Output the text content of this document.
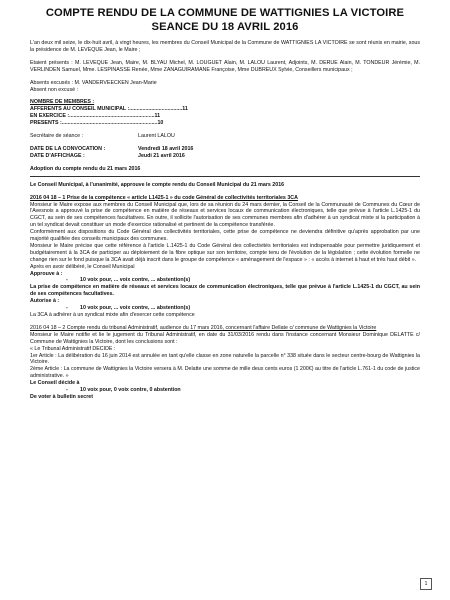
COMPTE RENDU DE LA COMMUNE DE WATTIGNIES LA VICTOIRE
SEANCE DU 18 AVRIL 2016

L'an deux mil seize, le dix-huit avril, à vingt heures, les membres du Conseil Municipal de la Commune de WATTIGNIES LA VICTOIRE se sont réunis en mairie, sous la présidence de M. LEVEQUE Jean, le Maire ;

Etaient présents : M. LEVEQUE Jean, Maire, M. BLYAU Michel, M. LOUGUET Alain, M. LALOU Laurent, Adjoints, M. DERUE Alain, M. TONDEUR Jérémie, M. VERLINDEN Samuel, Mme. LESPINASSE Renée, Mme ZANAGUIRAMANE Françoise, Mme DUBREUX Sylvie, Conseillers municipaux ;

Absents excusés : M. VANDERVEECKEN Jean-Marie

Absent non excusé :

NOMBRE DE MEMBRES :

AFFERENTS AU CONSEIL MUNICIPAL : .................................... 11
EN EXERCICE : .......................................................... 11
PRESENTS : ................................................................. 10
Secrétaire de séance :	Laurent LALOU
DATE DE LA CONVOCATION :	Vendredi 18 avril 2016
DATE D'AFFICHAGE :	Jeudi 21 avril 2016

Adoption du compte rendu du 21 mars 2016

Le Conseil Municipal, à l'unanimité, approuve le compte rendu du Conseil Municipal du 21 mars 2016

2016 04 18 – 1 Prise de la compétence « article L1425-1 » du code Général de collectivités territoriales 3CA

Monsieur le Maire expose aux membres du Conseil Municipal que, lors de sa réunion du 24 mars dernier, la Conseil de la Communauté de Communes du Cœur de l'Avesnois a approuvé la prise de compétence en matière de réseaux et services locaux de communication électroniques, telle que prévue à l'article L.1425-1 du CGCT, au sein de ses compétences facultatives. En outre, il sollicite l'autorisation de ses communes membres afin d'adhérer à un syndicat mixte si la participation à un tel syndicat devait constituer un mode d'exercice rationalisé et pertinent de la compétence transférée.

Conformément aux dispositions du Code Général des collectivités territoriales, cette prise de compétence ne deviendra définitive qu'après approbation par une majorité qualifiée des conseils municipaux des communes.

Monsieur le Maire précise que cette référence à l'article L.1425-1 du Code Général des collectivités territoriales est indispensable pour permettre juridiquement et budgétairement à la 3CA de participer au déploiement de la fibre optique sur son territoire, compte tenu de l'évolution de la législation ; cette évolution formelle ne change rien sur le fond puisque la 3CA avait déjà inscrit dans le groupe de compétence « aménagement de l'espace » : « accès à internet à haut et très haut débit ».

Après en avoir délibéré, le Conseil Municipal

Approuve à :

-	10 voix pour, ... voix contre, ... abstention(s)

La prise de compétence en matière de réseaux et services locaux de communication électroniques, telle que prévue à l'article L.1425-1 du CGCT, au sein de ses compétences facultatives.

Autorise à :

-	10 voix pour, ... voix contre, ... abstention(s)

La 3CA à adhérer à un syndicat mixte afin d'exercer cette compétence

2016 04 18 – 2 Compte rendu du tribunal Administratif, audience du 17 mars 2016, concernant l'affaire Dellate c/ commune de Wattignies la Victoire

Monsieur le Maire notifie et lie le jugement du Tribunal Administratif, en date du 31/03/2016 rendu dans l'instance concernant Monsieur Dominique DELATTE c/ Commune de Wattignies la Victoire, dont les conclusions sont :

« Le Tribunal Administratif DECIDE :

1er Article : La délibération du 16 juin 2014 est annulée en tant qu'elle classe en zone naturelle la parcelle n° 338 située dans le secteur centre-bourg de Wattignies la Victoire.

2ème Article : La commune de Wattignies la Victoire versera à M. Delatte une somme de mille deux cents euros (1 200€) au titre de l'article L.761-1 du code de justice administrative. »

Le Conseil décide à

-	10 voix pour, 0 voix contre, 0 abstention

De voter à bulletin secret

1
